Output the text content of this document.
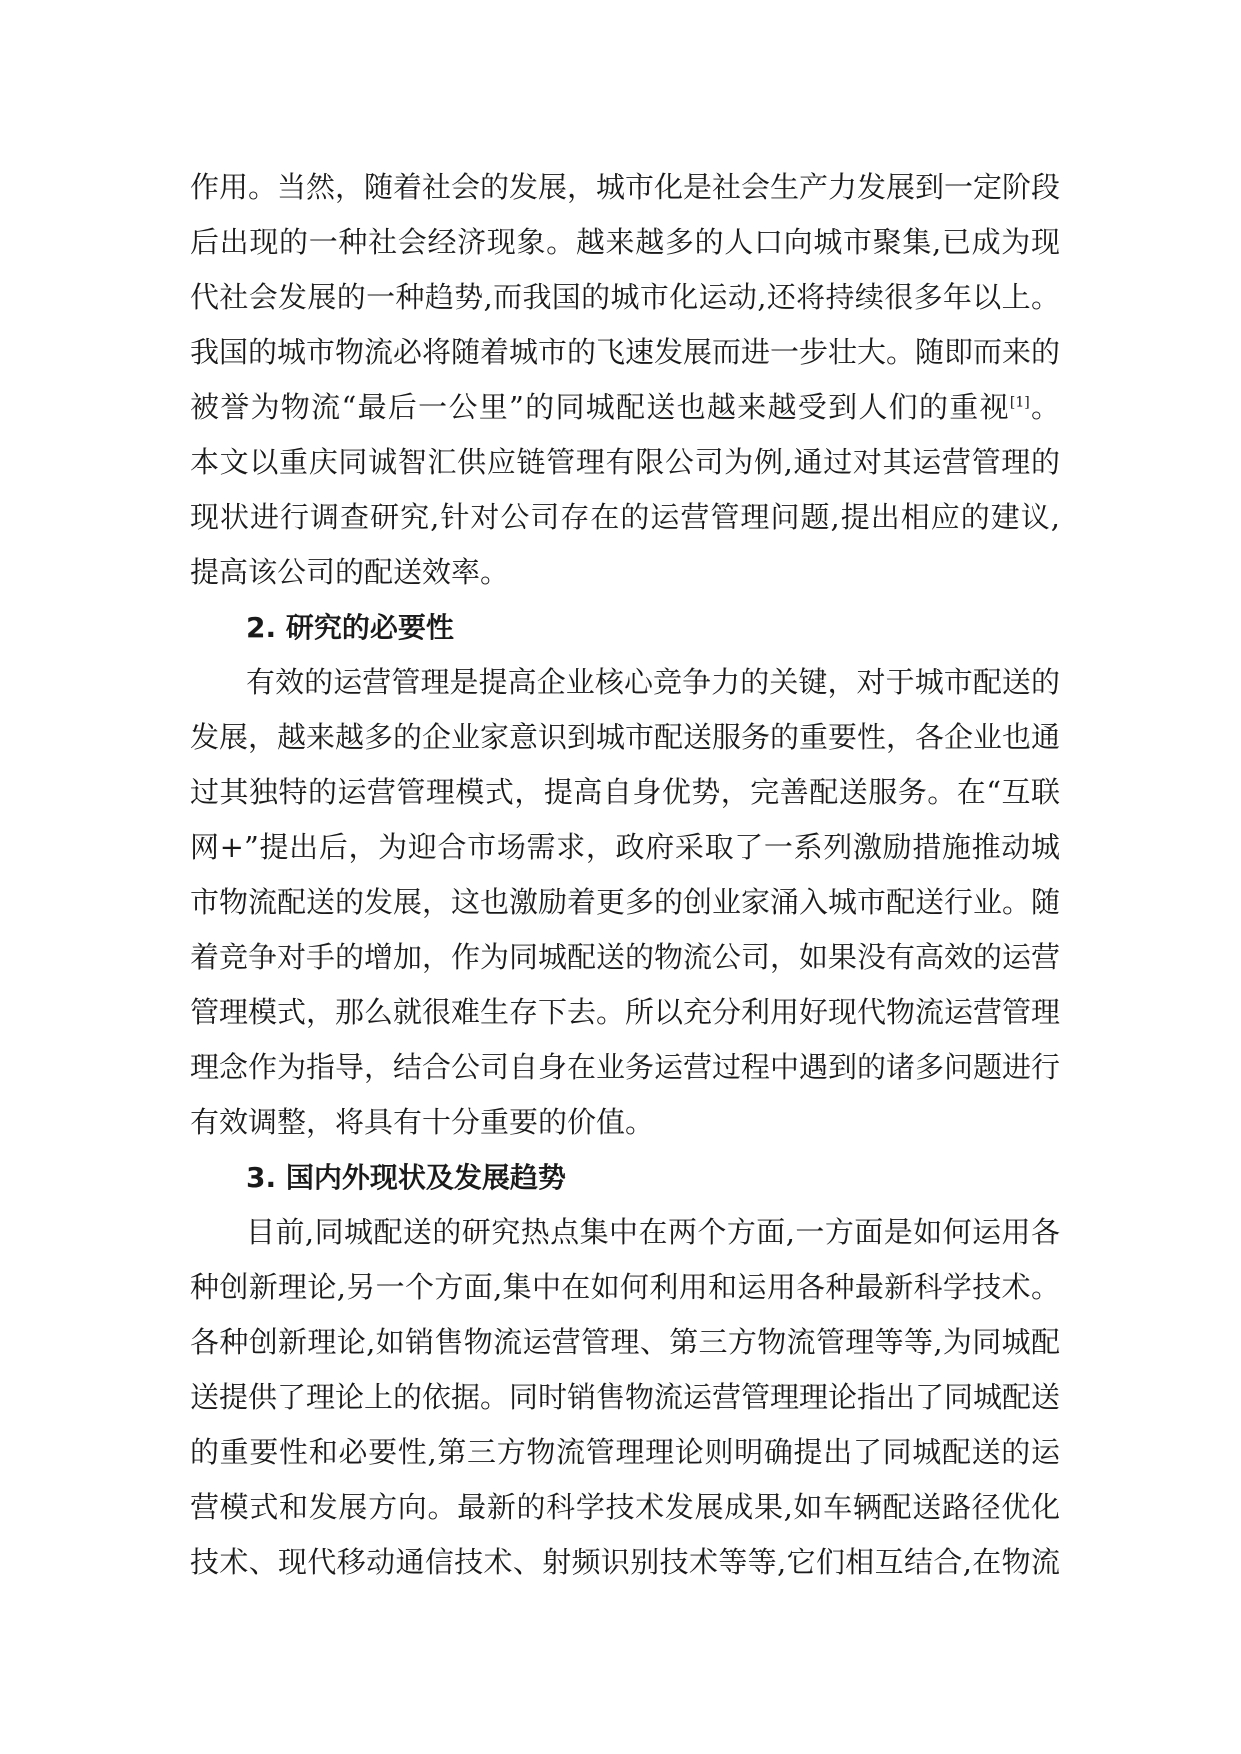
作用。当然，随着社会的发展，城市化是社会生产力发展到一定阶段

后出现的一种社会经济现象。越来越多的人口向城市聚集,已成为现

代社会发展的一种趋势,而我国的城市化运动,还将持续很多年以上。

我国的城市物流必将随着城市的飞速发展而进一步壮大。随即而来的

被誉为物流“最后一公里”的同城配送也越来越受到人们的重视[1]。

本文以重庆同诚智汇供应链管理有限公司为例,通过对其运营管理的

现状进行调查研究,针对公司存在的运营管理问题,提出相应的建议,

提高该公司的配送效率。

2. 研究的必要性

有效的运营管理是提高企业核心竞争力的关键，对于城市配送的

发展，越来越多的企业家意识到城市配送服务的重要性，各企业也通

过其独特的运营管理模式，提高自身优势，完善配送服务。在“互联

网+”提出后，为迎合市场需求，政府采取了一系列激励措施推动城

市物流配送的发展，这也激励着更多的创业家涌入城市配送行业。随

着竞争对手的增加，作为同城配送的物流公司，如果没有高效的运营

管理模式，那么就很难生存下去。所以充分利用好现代物流运营管理

理念作为指导，结合公司自身在业务运营过程中遇到的诸多问题进行

有效调整，将具有十分重要的价值。

3. 国内外现状及发展趋势

目前,同城配送的研究热点集中在两个方面,一方面是如何运用各

种创新理论,另一个方面,集中在如何利用和运用各种最新科学技术。

各种创新理论,如销售物流运营管理、第三方物流管理等等,为同城配

送提供了理论上的依据。同时销售物流运营管理理论指出了同城配送

的重要性和必要性,第三方物流管理理论则明确提出了同城配送的运

营模式和发展方向。最新的科学技术发展成果,如车辆配送路径优化

技术、现代移动通信技术、射频识别技术等等,它们相互结合,在物流
